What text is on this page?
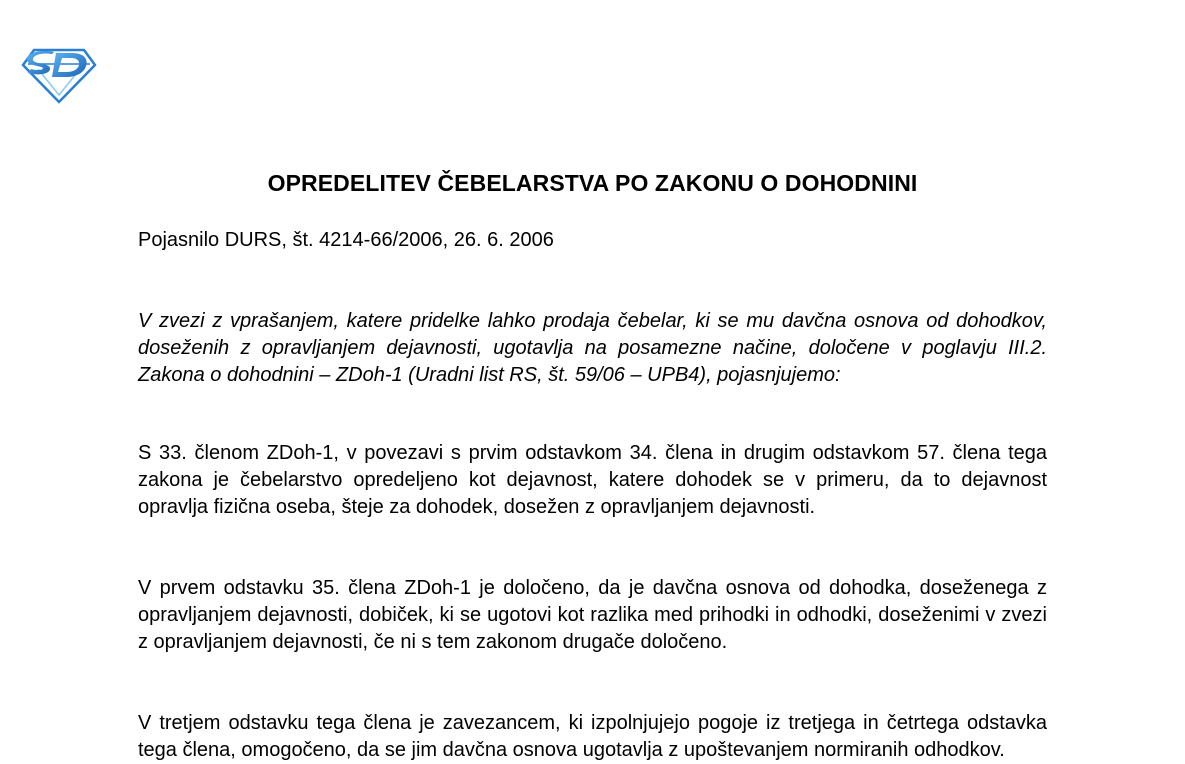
OPREDELITEV ČEBELARSTVA PO ZAKONU O DOHODNINI

Pojasnilo DURS, št. 4214-66/2006, 26. 6. 2006

V zvezi z vprašanjem, katere pridelke lahko prodaja čebelar, ki se mu davčna osnova od dohodkov, doseženih z opravljanjem dejavnosti, ugotavlja na posamezne načine, določene v poglavju III.2. Zakona o dohodnini – ZDoh-1 (Uradni list RS, št. 59/06 – UPB4), pojasnjujemo:

S 33. členom ZDoh-1, v povezavi s prvim odstavkom 34. člena in drugim odstavkom 57. člena tega zakona je čebelarstvo opredeljeno kot dejavnost, katere dohodek se v primeru, da to dejavnost opravlja fizična oseba, šteje za dohodek, dosežen z opravljanjem dejavnosti.

V prvem odstavku 35. člena ZDoh-1 je določeno, da je davčna osnova od dohodka, doseženega z opravljanjem dejavnosti, dobiček, ki se ugotovi kot razlika med prihodki in odhodki, doseženimi v zvezi z opravljanjem dejavnosti, če ni s tem zakonom drugače določeno.

V tretjem odstavku tega člena je zavezancem, ki izpolnjujejo pogoje iz tretjega in četrtega odstavka tega člena, omogočeno, da se jim davčna osnova ugotavlja z upoštevanjem normiranih odhodkov.
